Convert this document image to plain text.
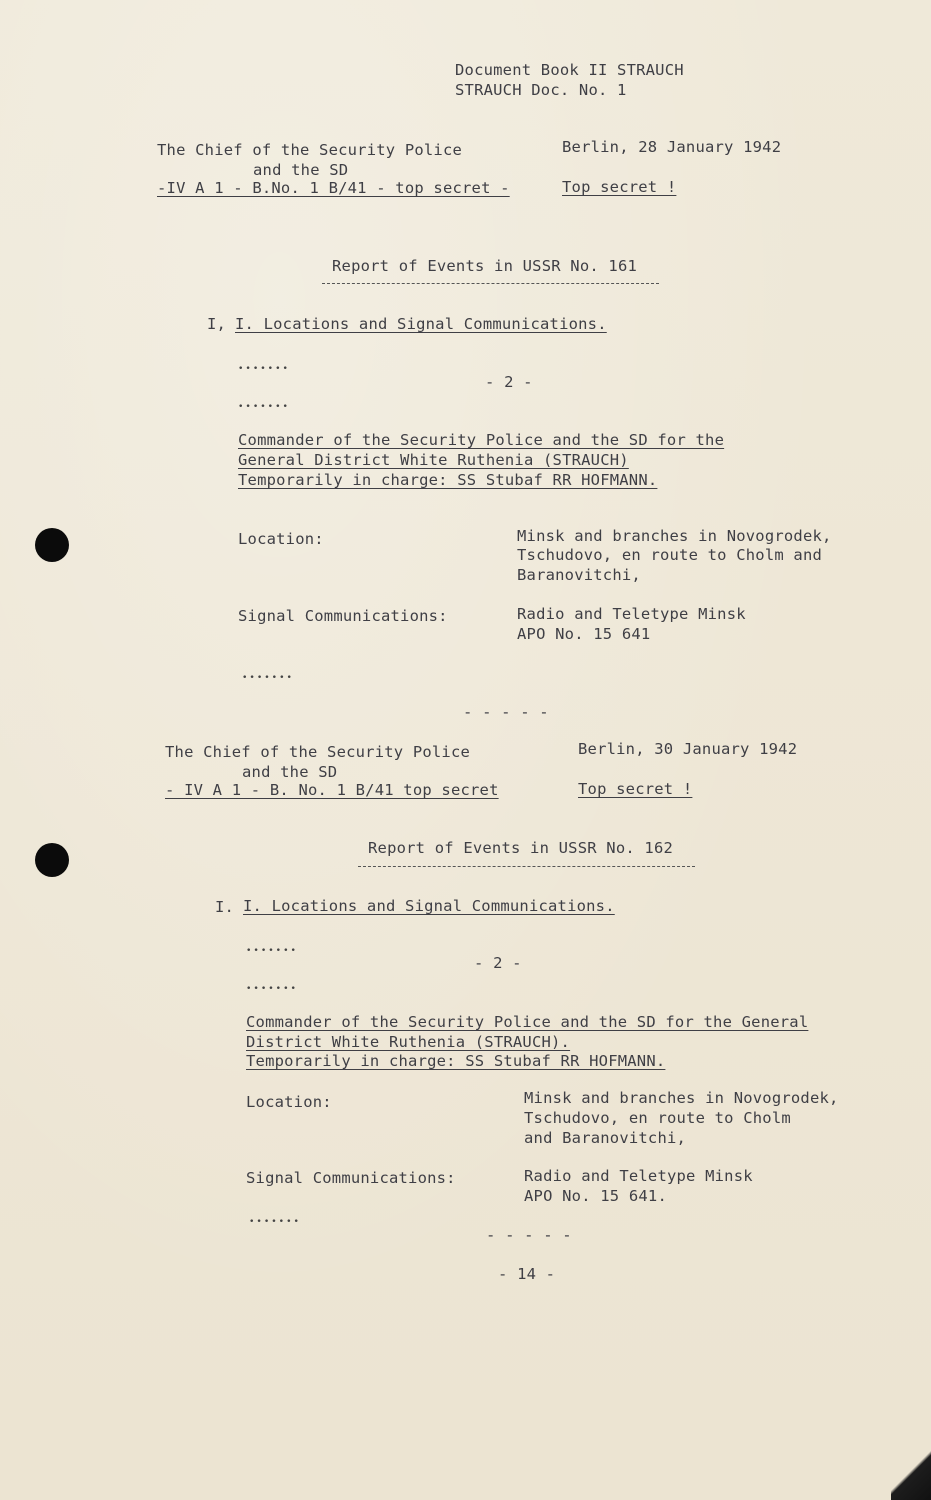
Document Book II STRAUCH
STRAUCH Doc. No. 1
The Chief of the Security Police
and the SD
-IV A 1 - B.No. 1 B/41 - top secret -
Berlin, 28 January 1942
Top secret !
Report of Events in USSR No. 161
I, I. Locations and Signal Communications.
•••••••
- 2 -
•••••••
Commander of the Security Police and the SD for the
General District White Ruthenia (STRAUCH)
Temporarily in charge: SS Stubaf RR HOFMANN.
Location:	Minsk and branches in Novogrodek,
Tschudovo, en route to Cholm and
Baranovitchi,
Signal Communications:	Radio and Teletype Minsk
APO No. 15 641
•••••••
- - - - -
The Chief of the Security Police
and the SD
- IV A 1 - B. No. 1 B/41 top secret
Berlin, 30 January 1942
Top secret !
Report of Events in USSR No. 162
I. I. Locations and Signal Communications.
•••••••
- 2 -
•••••••
Commander of the Security Police and the SD for the General
District White Ruthenia (STRAUCH).
Temporarily in charge: SS Stubaf RR HOFMANN.
Location:	Minsk and branches in Novogrodek,
Tschudovo, en route to Cholm
and Baranovitchi,
Signal Communications:	Radio and Teletype Minsk
APO No. 15 641.
•••••••
- - - - -
- 14 -
